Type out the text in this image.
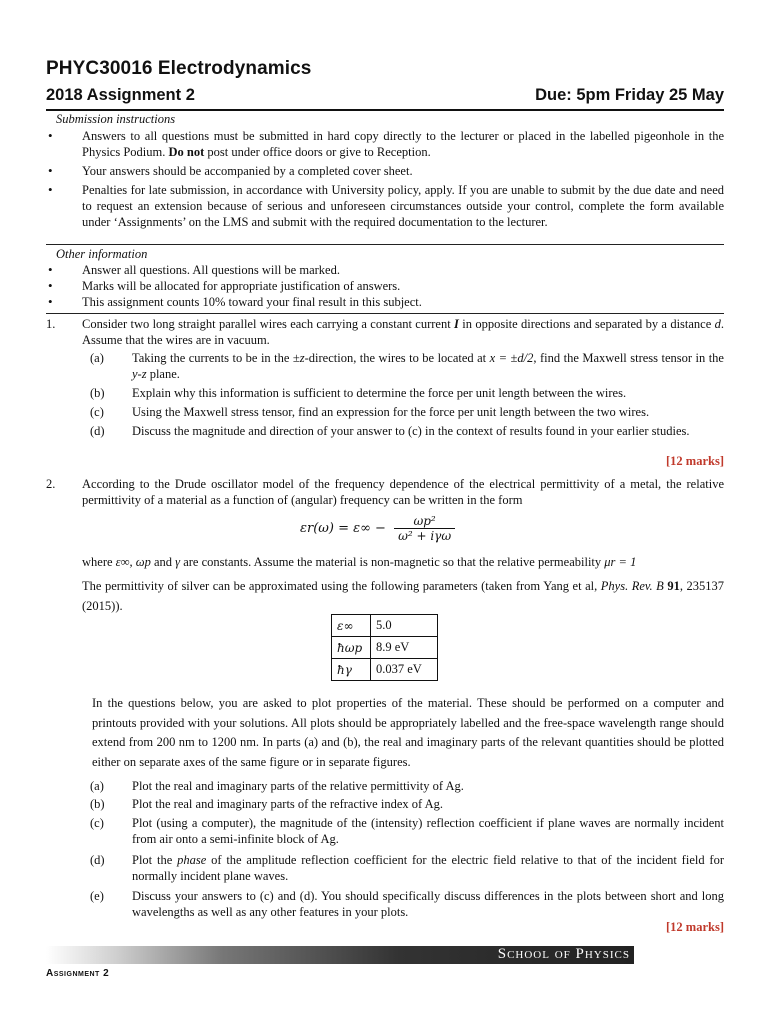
PHYC30016 Electrodynamics
2018 Assignment 2	Due: 5pm Friday 25 May
Submission instructions
• Answers to all questions must be submitted in hard copy directly to the lecturer or placed in the labelled pigeonhole in the Physics Podium. Do not post under office doors or give to Reception.
• Your answers should be accompanied by a completed cover sheet.
• Penalties for late submission, in accordance with University policy, apply. If you are unable to submit by the due date and need to request an extension because of serious and unforeseen circumstances outside your control, complete the form available under ‘Assignments’ on the LMS and submit with the required documentation to the lecturer.
Other information
• Answer all questions. All questions will be marked.
• Marks will be allocated for appropriate justification of answers.
• This assignment counts 10% toward your final result in this subject.
1.	Consider two long straight parallel wires each carrying a constant current I in opposite directions and separated by a distance d. Assume that the wires are in vacuum.
(a) Taking the currents to be in the ±z-direction, the wires to be located at x = ±d/2, find the Maxwell stress tensor in the y-z plane.
(b) Explain why this information is sufficient to determine the force per unit length between the wires.
(c) Using the Maxwell stress tensor, find an expression for the force per unit length between the two wires.
(d) Discuss the magnitude and direction of your answer to (c) in the context of results found in your earlier studies.
[12 marks]
2.	According to the Drude oscillator model of the frequency dependence of the electrical permittivity of a metal, the relative permittivity of a material as a function of (angular) frequency can be written in the form
εr(ω) = ε∞ −	ωp²
ω² + iγω
where ε∞, ωp and γ are constants. Assume the material is non-magnetic so that the relative permeability μr = 1
The permittivity of silver can be approximated using the following parameters (taken from Yang et al, Phys. Rev. B 91, 235137 (2015)).
ε∞	5.0
ħωp	8.9 eV
ħγ	0.037 eV
In the questions below, you are asked to plot properties of the material. These should be performed on a computer and printouts provided with your solutions. All plots should be appropriately labelled and the free-space wavelength range should extend from 200 nm to 1200 nm. In parts (a) and (b), the real and imaginary parts of the relevant quantities should be plotted either on separate axes of the same figure or in separate figures.
(a) Plot the real and imaginary parts of the relative permittivity of Ag.
(b) Plot the real and imaginary parts of the refractive index of Ag.
(c) Plot (using a computer), the magnitude of the (intensity) reflection coefficient if plane waves are normally incident from air onto a semi-infinite block of Ag.
(d) Plot the phase of the amplitude reflection coefficient for the electric field relative to that of the incident field for normally incident plane waves.
(e) Discuss your answers to (c) and (d). You should specifically discuss differences in the plots between short and long wavelengths as well as any other features in your plots.
[12 marks]
School of Physics
Assignment 2
